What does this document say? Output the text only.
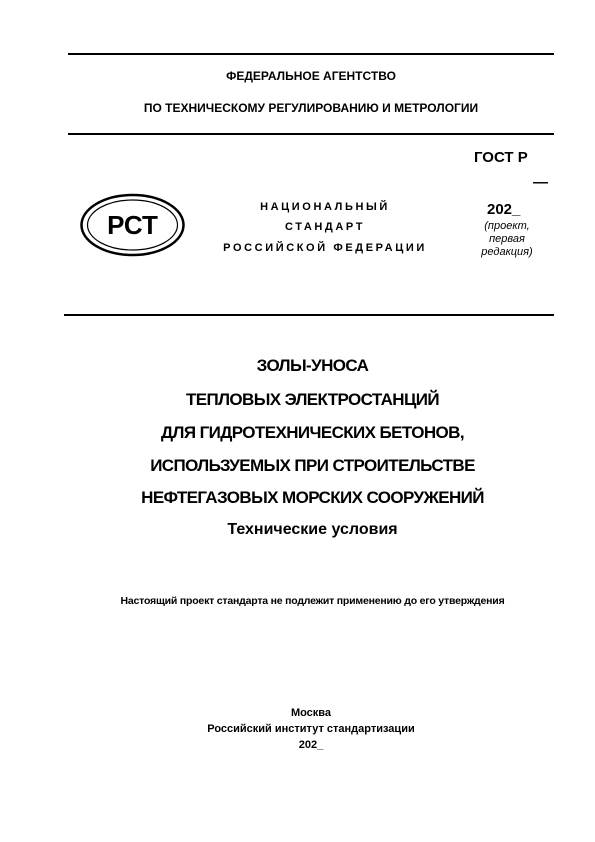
ФЕДЕРАЛЬНОЕ АГЕНТСТВО
ПО ТЕХНИЧЕСКОМУ РЕГУЛИРОВАНИЮ И МЕТРОЛОГИИ
РСТ
НАЦИОНАЛЬНЫЙ
СТАНДАРТ
РОССИЙСКОЙ ФЕДЕРАЦИИ
ГОСТ Р
—
202_
(проект,
первая
редакция)
ЗОЛЫ-УНОСА
ТЕПЛОВЫХ ЭЛЕКТРОСТАНЦИЙ
ДЛЯ ГИДРОТЕХНИЧЕСКИХ БЕТОНОВ,
ИСПОЛЬЗУЕМЫХ ПРИ СТРОИТЕЛЬСТВЕ
НЕФТЕГАЗОВЫХ МОРСКИХ СООРУЖЕНИЙ
Технические условия
Настоящий проект стандарта не подлежит применению до его утверждения
Москва
Российский институт стандартизации
202_
